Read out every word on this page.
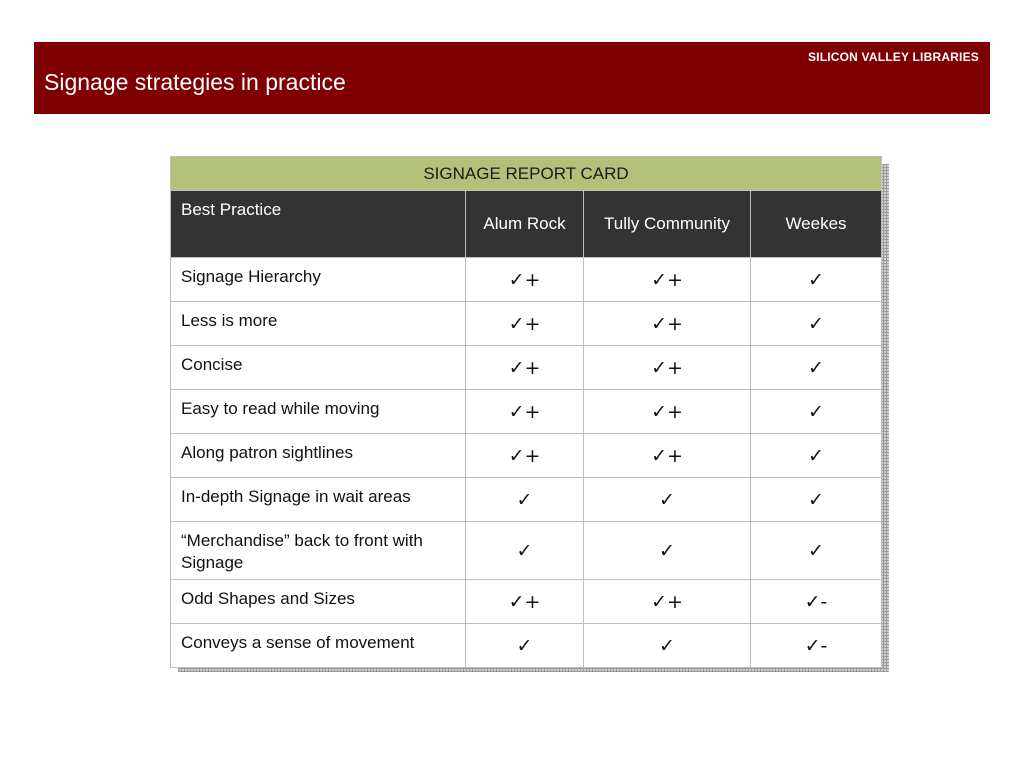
SILICON VALLEY LIBRARIES
Signage strategies in practice
SIGNAGE REPORT CARD			
Best Practice	Alum Rock	Tully Community	Weekes
Signage Hierarchy	✓+	✓+	✓
Less is more	✓+	✓+	✓
Concise	✓+	✓+	✓
Easy to read while moving	✓+	✓+	✓
Along patron sightlines	✓+	✓+	✓
In-depth Signage in wait areas	✓	✓	✓
“Merchandise” back to front with Signage	✓	✓	✓
Odd Shapes and Sizes	✓+	✓+	✓-
Conveys a sense of movement	✓	✓	✓-
